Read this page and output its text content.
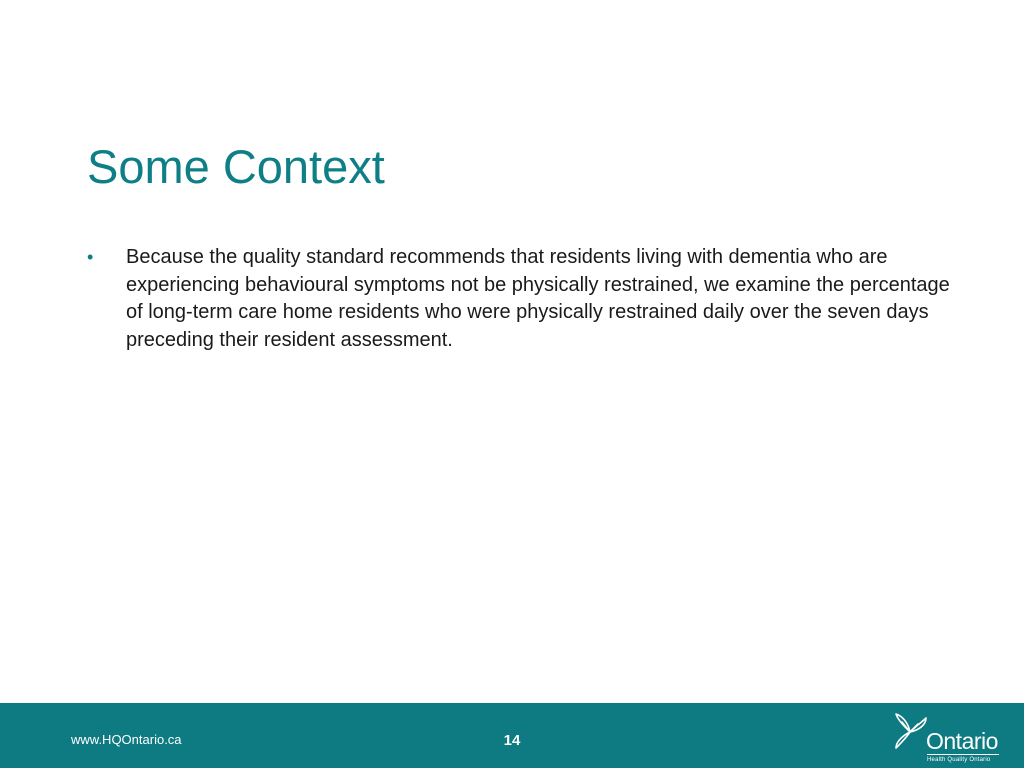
Some Context
• Because the quality standard recommends that residents living with dementia who are experiencing behavioural symptoms not be physically restrained, we examine the percentage of long-term care home residents who were physically restrained daily over the seven days preceding their resident assessment.
www.HQOntario.ca	14	Ontario
Health Quality Ontario
